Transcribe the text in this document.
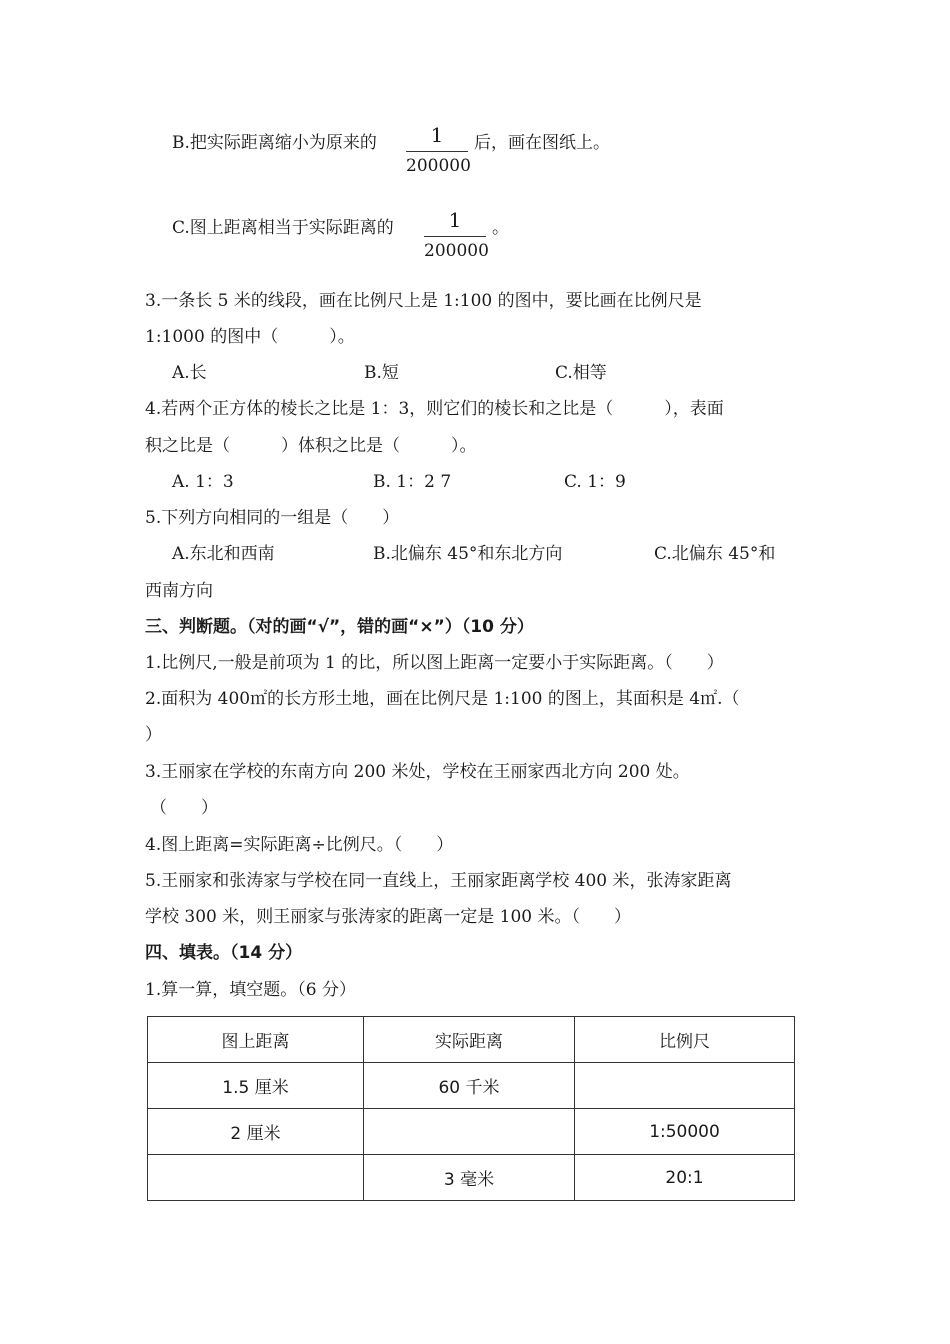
B.把实际距离缩小为原来的	1
200000
后，画在图纸上。
C.图上距离相当于实际距离的	1
200000
。
3.一条长 5 米的线段，画在比例尺上是 1:100 的图中，要比画在比例尺是
1:1000 的图中（　　　）。
A.长	B.短	C.相等
4.若两个正方体的棱长之比是 1：3，则它们的棱长和之比是（　　　），表面
积之比是（　　　）体积之比是（　　　）。
A. 1：3	B. 1：2 7	C. 1：9
5.下列方向相同的一组是（　　）
A.东北和西南	B.北偏东 45°和东北方向	C.北偏东 45°和
西南方向
三、判断题。（对的画“√”，错的画“×”）（10 分）
1.比例尺,一般是前项为 1 的比，所以图上距离一定要小于实际距离。（　　）
2.面积为 400㎡的长方形土地，画在比例尺是 1:100 的图上，其面积是 4㎡.（
）
3.王丽家在学校的东南方向 200 米处，学校在王丽家西北方向 200 处。
（　　）
4.图上距离=实际距离÷比例尺。（　　）
5.王丽家和张涛家与学校在同一直线上，王丽家距离学校 400 米，张涛家距离
学校 300 米，则王丽家与张涛家的距离一定是 100 米。（　　）
四、填表。（14 分）
1.算一算，填空题。（6 分）
图上距离	实际距离	比例尺
1.5 厘米	60 千米	
2 厘米		1:50000
	3 毫米	20:1
